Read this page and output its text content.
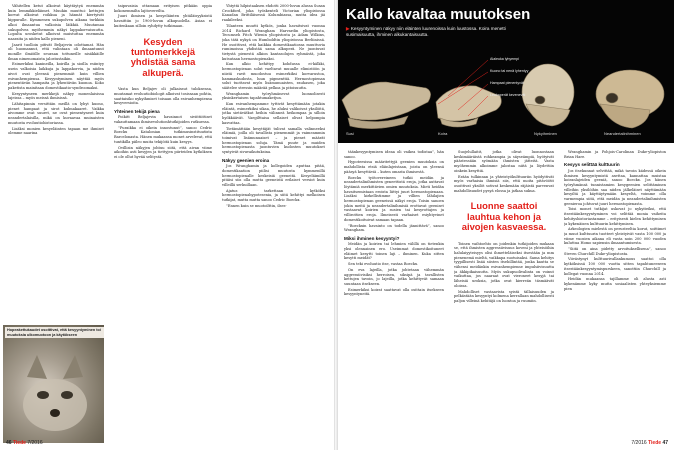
Vähitellen ketut alkoivat käyttäytyä enemmän kuin lemmikkieläimet. Muukin muuttui: kettujen korvat alkoivat roikkua ja hännät kiertyivät kippuralle. Kymmenen sukupolven aikana turkkiin alkoi ilmaantua valkoisia läikkiä. Muutamaa sukupolvea myöhemmin näkyi lappakorvaisuutta. Lopulta urosketut alkoivat muistuttaa enemmän naaraita ja niiden kallo pieneni.

Jaarit tuolloin pitivät Beljajevin odottamat. Hän oli huomannut, että valintaan oli ilmaantunut monille ilmiöille seuraan tottuneille nisäkkäille ilman nimenomaista jalostustaikin.

Esimerkiksi kanineilla, koirilla ja sioilla esiintyy usein valkoisia laikkuja ja lappakorvia, ja niiden aivot ovat yleensä pienemmät kuin villien esivanhempiensa. Kesyyntyminen näyttää myös pienentävän hampaita ja lyhentävän kuonoa. Koko paketista mainitaan domestikaatio-syndroomaksi.

Kesyyntyneen merkkejä näkyy monenlaisissa lajeissa – myös meissä ihmisissä.

Lähitapinnin versittäin meillä on lyhyt kuono, pienet hampaat ja sirot kulmakaaret. Vaikka aivomme ovat suuret, ne ovat pienentyneet kuin neandertalaisilla, mikä on kuvaavaa muinaisten muutosta evoluutiohistoriassa.

Lisäksi monien kesyeläinten tapaan me ihmiset olemme naarina

Hopeakettukaudet osoittivat, että kesyyntyminen toi muutoksia ulkomuotoon ja käytökseen

taipuvaisia ottamaan erityisen pitkään oppia kokonemmilta lajitovereilta.

Juuri ihmisen ja kesyeläinten yhtäläisyyksistä havaittiin jo 1900-luvun alkupuolella. Asiaa ei kuitenkaan silloin ryhdytty tutkimaan.

Kesyden tuntomerkkejä yhdistää sama alkuperä.

Vasta kun Beljajev oli julkaissut tuloksensa, muutamat evoluutiobiologit alkoivat tosissaan pohtia, saattaisiko nykyihmiset toisaan olla esivanhempiensa kesyversioita.

Yhteinen tekijä piena

Poikitt Beljajevin havainnot siviittiittiset vakauttamaan ihmisevolutionhtutkijoiden rutkuessa.

”Puraikka ei oikein innostunut”, sanoo Cedric Boeckx Katalonian tutkimusinstituutista Barcelonasta. Hänen mukaansa monet arvelevat, että tuntikilla piileo muita tekijöitä kuin kesyys.

Ovillisin näkyjen johtuu siitä, että aivan viime aikoihin asti kesyjen ja tiettyjen piirteiden kytköksen ei ole ollut hyvää selitystä.

Yhtyttä hilpistaaksen ehdotti 2000-luvun alussa Susan Crockford, joka työskenteli Victorian yliopistossa Kanadan Brittiläisessä Kolumbiassa, mutta idea jäi raakileeksi.

Tilanteen muutti kytkös, jonka havaitsivat vuonna 2014 Richard Wrangham Harvardin yliopistosta, Tecumseh Fitch Wienin yliopistosta ja Adam Wilkins, joka tätä nykyä on Humboldtin yliopistossa Berliinissä. He osoittivat, että kaikkia domestikaatiossa muuttuvia rumimoissa yhdistää sama alkuperä. Ne juontuvat tietystä pienestä alkion kantasolujen ryhmästä, joka kutsutaan hermostopienaksi.

Kun alkio kehittyy kohdussa ei-kälkki, hermostopienan solut vaeltavat muualle elimistöön ja niistä ravit muodostuu esimerkiksi korvarustoa, hammaskudosta, luun pigmenttiä. Hermostopienan solut tuottavat myös lisämunuaisten, rauhasen, joka säätelee stressin määrää pelkoa ja pitoisuutta.

Wranghamin työryhmänevat luonnolisesti yksinkertaisen tapahtumaketjun.

Kun esivanhempamme tyttivät kesyttämään jotakin eläintä, esimerkiksi sikaa, he aluksi valikoivat yksilöitä, jotka sietävätkut heihin välinneä heikompaa ja silloin hyökkäävät. Vaegilttaisa sellaiset olivat helpompia kasvattaa.

Tietämättään kesyttäjät tulivat samalla valinneeksi eläimiä, joilla oli tavallista pienemmät ja vaimeammin toimivat lisämunuaiset – ja pienet määrät hermostopienan soluja. Tämä puute ja muiden hermostopienasta juontuvien kudosten muutokset syntyivät sivuvaikutuksina.

Näkyy geenien eroina

Jos Wranghamin ja kollegoiden aputtaa pitää, domestikaation piilisi muutosta kymmenillä hermostopienalle keskeisiä geeneitä. Kesyeläimillä pitäisi siis olla mutta geeneistä erilaiset versiot kuin villeillä serkuillaan.

Ajatus tarkettaan kytköksi hermostopienahypotesenia, ja siitä kehittyi melkoisen tutkijat, mutta mutta sanoo Cedric Boeckx.

”Ennen kuin se muotoilttin, ilses-

46 Tiede 7/2016
Kallo kavaltaa muutoksen
▶ Kesyyntyminen näkyy niin eläinten luurenoissa kuin luustossa. Koira menetti susimaisuutta, ihminen alkukantaisuutta.
Alaleuka lyhyempi
Kuono tai nenä lyhentyy
Hampaat pienentyvät
Leukaperät kevenevät
Susi	Koira	Nykyihminen	Neandertalinihminen

täänkesyyntymisen ideaa oli vaikea todistaa”, hän sanoo.

Hypoteesissa määritettyjä geenien muutoksia on mahdollista etsiä eläinlajeistaan, joista on yleensä pääsyä kesyttäviä – kuten omasta ihmisestä.

Boeckx työtovereineen tutkii meidän ja neandertalinihmisten geneettistä eroja, jotka auttavat löytämiä merkittävien omien muutoksia. Mieti heidän havaitsemistaan eroista liittyi juuri hermostopienaan. Lisäksi kirkellistimme ja villien lähilajien hermostopienan geeneissä näkyi eroja. Toisin sanoen jokin meitä ja neandertalinihmisiä erottavat geeniset vastaavat koirien ja susien tai kesyrottajen ja villirottien eroja. Ilmeisesti varhaiset esiyhtyvinet domestikoituivat samaan tapaan.

”Boeckxin havainto on todella jännittävä”, sanoo Wrangham.

Miksi ihminen kesyyntyi?

Meidän ja koirien tai lehmien välillä on tietenkin yksi olennainen ero. Useimmat domestikoituneet eläimet kesytti toinen laji – ihminen. Kuka sitten kesytti meidät?

Sen teki evoluutio itse, vastaa Boeckx.

On eva lajeilla, jotka johtetaan vähemmän aggressiivisiksi herroisen, siksipä ja tavallisten kettujen tavoin, jo lajeilla, jotka kehittyvät samaan suuntaan itsekseen.

Esimerkiksi koirat saattavat olla osittain itsekseen kesyyntyneitä.

Suojelullaitit, jotka olivat luonnostaan keskimääräistä rohkeampia ja säyseämpiä, hyötyivät päästessään syömään ihmisten jätteitä. Vasta myöhemmin alkoimme jalostaa niitä ja löydettiin oinkein kesyttiä.

Erään tulkinnan ja yhteistyökulttuuriin hyödyttivät myös varhaisia ihmisiä siis, että moita pitävöötit osoittivat yksilöt sotivat keskenään räjäistä parvenvat mahdollisuudet pysyä elossa ja jatkaa sukua.

Luonne saattoi lauhtua kehon ja aivojen kasvaessa.

Toinen vaihtoehto on joidenkin tutkijoiden mukaan se, että ihmisten aggressiivisuus koveni ja yhteisöihin halulaiyyteisyys olisi ihmetteläiseksi itsestään ja mm pienenemä mieltä, vaikkapa suotuisaksi. Sama kehitys tyypillisesti lisää siisten itsehillintää, jonka kautta se vähensi meidänkin esivanhempienne impulsiivisuutta ja äkkipikaisuutta. Myös sukupuolivalinta on voinut vaikuttaa, jos naaraat ovat vieroneet kesyjä tai läheisiä uroksia, jotka ovat kierreän täsmäävät oloissa.

Mahdolliset vastaavista syistä tällaisuuden ja pelkästään kesyyntyi kolmena kerrallaan mahdollisesti paljon villeinä kehitäjä on luontoa ja ruumiin.

Wranghamin ja Pohjois-Carolinan Duke-yliopiston Brian Hare.

Kesyys selittää kulttuurin

Jos itsekunnat selvittää, mikä tavoin kädessä oikein ihmisen kesyyntymistä asettaa, kannattaa muistaa koiranlajeiden geeniä, sanoo Boeckx. Jos hänen työryhmänsä tunnistamien kesygeenien selittäminen villeihin yksilöihin saa niiden jälkeläiset näyttämään kesyiltä ja käyttäytymään kesyeltä, voimme olla varmempia siitä, että meidän ja neandertalinihmisten geenieroa johtuvat juuri hermostopienasta.

Toisi monet tutkijat uskovat jo nykyiteiksi, että itsestäänkesyyntyminen voi selittää monia vaiheita kehityshistoriastamme – erityisesti kielen kehittymisen ja kykenäisen kulttuurin kehittymisen.

Arkeologien mielestä on perusteeltia korut, soittimet ja muut kulttuurin tuotteet yleistyivät vasta 100 000 ja viime vuosien aikana eli vasta noin 200 000 vuoden kuluttua Homo sapiensin ilmaantumisesta.

”Siitä on aina pidetty arvoituksellisena”, sanoo Steven Churchill Duke-yliopistosta.

Viivästynyt kulttuurivallankumous saattoi olla kytköksissä 100 000 vuotta sitten tapahtuneeseen itsestäänkesyyntymispurskeen, sanottiin Churchill ja kollegat vuonna 2014.

Heidän mukaansa tajillamme oli alusta asti kykenämme kyky mutta sosiaalisten yhteyksiemme pien

7/2016 Tiede 47
